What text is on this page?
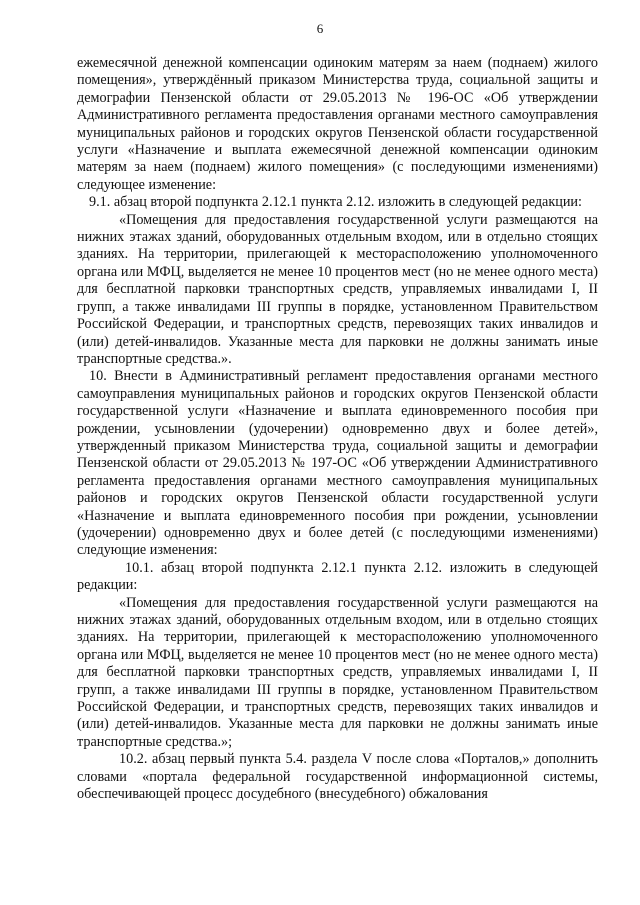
6

ежемесячной денежной компенсации одиноким матерям за наем (поднаем) жилого помещения», утверждённый приказом Министерства труда, социальной защиты и демографии Пензенской области от 29.05.2013 № 196-ОС «Об утверждении Административного регламента предоставления органами местного самоуправления муниципальных районов и городских округов Пензенской области государственной услуги «Назначение и выплата ежемесячной денежной компенсации одиноким матерям за наем (поднаем) жилого помещения» (с последующими изменениями) следующее изменение:

9.1. абзац второй подпункта 2.12.1 пункта 2.12. изложить в следующей редакции:

«Помещения для предоставления государственной услуги размещаются на нижних этажах зданий, оборудованных отдельным входом, или в отдельно стоящих зданиях. На территории, прилегающей к месторасположению уполномоченного органа или МФЦ, выделяется не менее 10 процентов мест (но не менее одного места) для бесплатной парковки транспортных средств, управляемых инвалидами I, II групп, а также инвалидами III группы в порядке, установленном Правительством Российской Федерации, и транспортных средств, перевозящих таких инвалидов и (или) детей-инвалидов. Указанные места для парковки не должны занимать иные транспортные средства.».

10. Внести в Административный регламент предоставления органами местного самоуправления муниципальных районов и городских округов Пензенской области государственной услуги «Назначение и выплата единовременного пособия при рождении, усыновлении (удочерении) одновременно двух и более детей», утвержденный приказом Министерства труда, социальной защиты и демографии Пензенской области от 29.05.2013 № 197-ОС «Об утверждении Административного регламента предоставления органами местного самоуправления муниципальных районов и городских округов Пензенской области государственной услуги «Назначение и выплата единовременного пособия при рождении, усыновлении (удочерении) одновременно двух и более детей (с последующими изменениями) следующие изменения:

10.1. абзац второй подпункта 2.12.1 пункта 2.12. изложить в следующей редакции:

«Помещения для предоставления государственной услуги размещаются на нижних этажах зданий, оборудованных отдельным входом, или в отдельно стоящих зданиях. На территории, прилегающей к месторасположению уполномоченного органа или МФЦ, выделяется не менее 10 процентов мест (но не менее одного места) для бесплатной парковки транспортных средств, управляемых инвалидами I, II групп, а также инвалидами III группы в порядке, установленном Правительством Российской Федерации, и транспортных средств, перевозящих таких инвалидов и (или) детей-инвалидов. Указанные места для парковки не должны занимать иные транспортные средства.»;

10.2. абзац первый пункта 5.4. раздела V после слова «Порталов,» дополнить словами «портала федеральной государственной информационной системы, обеспечивающей процесс досудебного (внесудебного) обжалования
